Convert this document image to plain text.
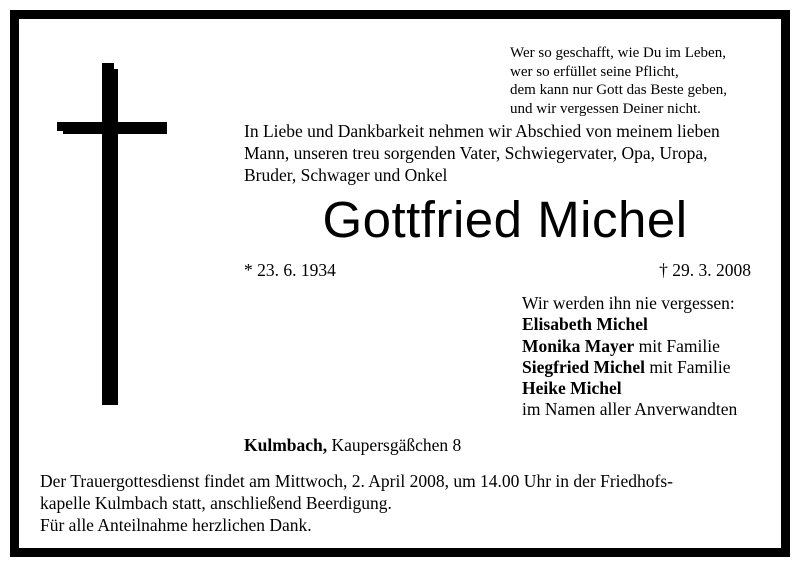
Wer so geschafft, wie Du im Leben,
wer so erfüllet seine Pflicht,
dem kann nur Gott das Beste geben,
und wir vergessen Deiner nicht.
In Liebe und Dankbarkeit nehmen wir Abschied von meinem lieben
Mann, unseren treu sorgenden Vater, Schwiegervater, Opa, Uropa,
Bruder, Schwager und Onkel
Gottfried Michel
* 23. 6. 1934	† 29. 3. 2008
Wir werden ihn nie vergessen:
Elisabeth Michel
Monika Mayer mit Familie
Siegfried Michel mit Familie
Heike Michel
im Namen aller Anverwandten
Kulmbach, Kaupersgäßchen 8
Der Trauergottesdienst findet am Mittwoch, 2. April 2008, um 14.00 Uhr in der Friedhofs-
kapelle Kulmbach statt, anschließend Beerdigung.
Für alle Anteilnahme herzlichen Dank.
